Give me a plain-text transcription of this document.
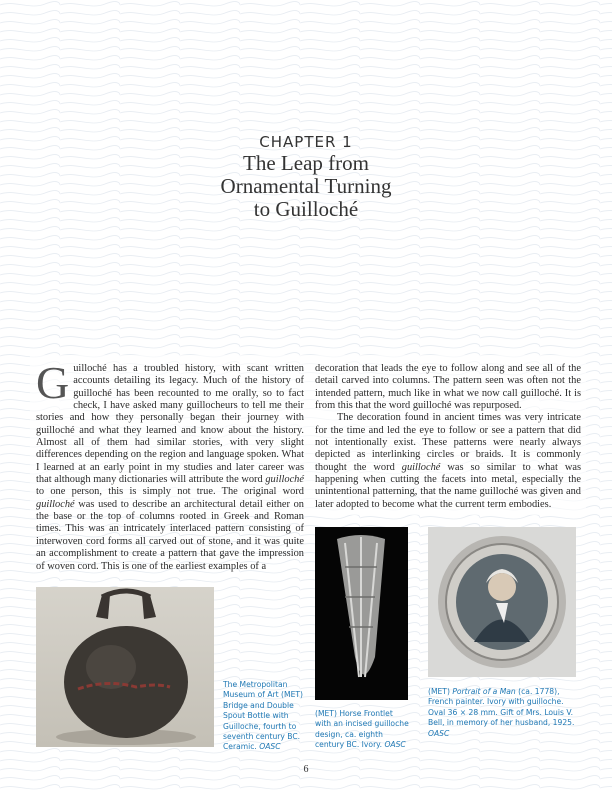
CHAPTER 1
The Leap from
Ornamental Turning
to Guilloché

Guilloché has a troubled history, with scant written accounts detailing its legacy. Much of the history of guilloché has been recounted to me orally, so to fact check, I have asked many guillocheurs to tell me their stories and how they personally began their journey with guilloché and what they learned and know about the history. Almost all of them had similar stories, with very slight differences depending on the region and language spoken. What I learned at an early point in my studies and later career was that although many dictionaries will attribute the word guilloché to one person, this is simply not true. The original word guilloché was used to describe an architectural detail either on the base or the top of columns rooted in Greek and Roman times. This was an intricately interlaced pattern consisting of interwoven cord forms all carved out of stone, and it was quite an accomplishment to create a pattern that gave the impression of woven cord. This is one of the earliest examples of a

decoration that leads the eye to follow along and see all of the detail carved into columns. The pattern seen was often not the intended pattern, much like in what we now call guilloché. It is from this that the word guilloché was repurposed.

The decoration found in ancient times was very intricate for the time and led the eye to follow or see a pattern that did not intentionally exist. These patterns were nearly always depicted as interlinking circles or braids. It is commonly thought the word guilloché was so similar to what was happening when cutting the facets into metal, especially the unintentional patterning, that the name guilloché was given and later adopted to become what the current term embodies.

The Metropolitan Museum of Art (MET) Bridge and Double Spout Bottle with Guilloche, fourth to seventh century BC. Ceramic. OASC
(MET) Horse Frontlet with an incised guilloche design, ca. eighth century BC. Ivory. OASC
(MET) Portrait of a Man (ca. 1778), French painter. Ivory with guilloche. Oval 36 × 28 mm. Gift of Mrs. Louis V. Bell, in memory of her husband, 1925. OASC
6
